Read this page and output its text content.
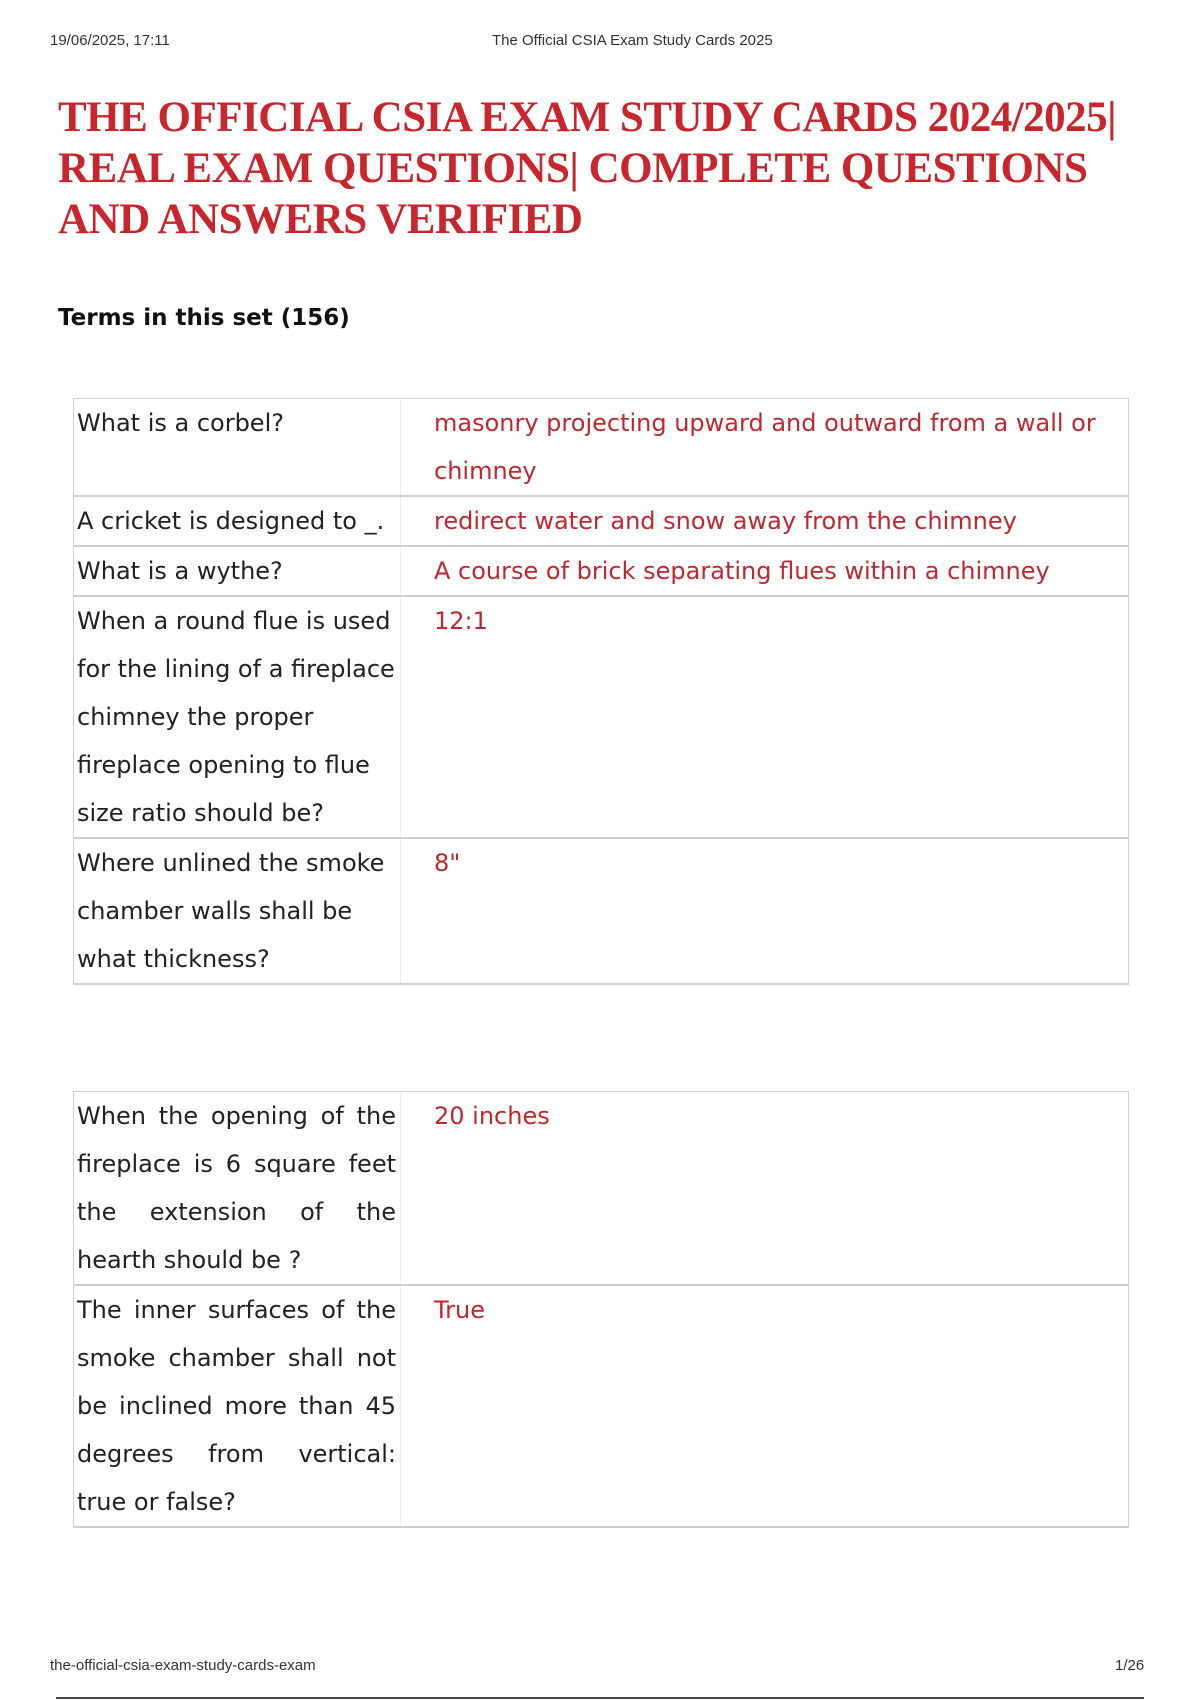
19/06/2025, 17:11	The Official CSIA Exam Study Cards 2025
THE OFFICIAL CSIA EXAM STUDY CARDS 2024/2025| REAL EXAM QUESTIONS| COMPLETE QUESTIONS AND ANSWERS VERIFIED
Terms in this set (156)
What is a corbel?	masonry projecting upward and outward from a wall or chimney
A cricket is designed to _.	redirect water and snow away from the chimney
What is a wythe?	A course of brick separating flues within a chimney
When a round flue is used for the lining of a fireplace chimney the proper fireplace opening to flue size ratio should be?	12:1
Where unlined the smoke chamber walls shall be what thickness?	8"
When the opening of the fireplace is 6 square feet the extension of the hearth should be ?	20 inches
The inner surfaces of the smoke chamber shall not be inclined more than 45 degrees from vertical: true or false?	True
the-official-csia-exam-study-cards-exam	1/26
